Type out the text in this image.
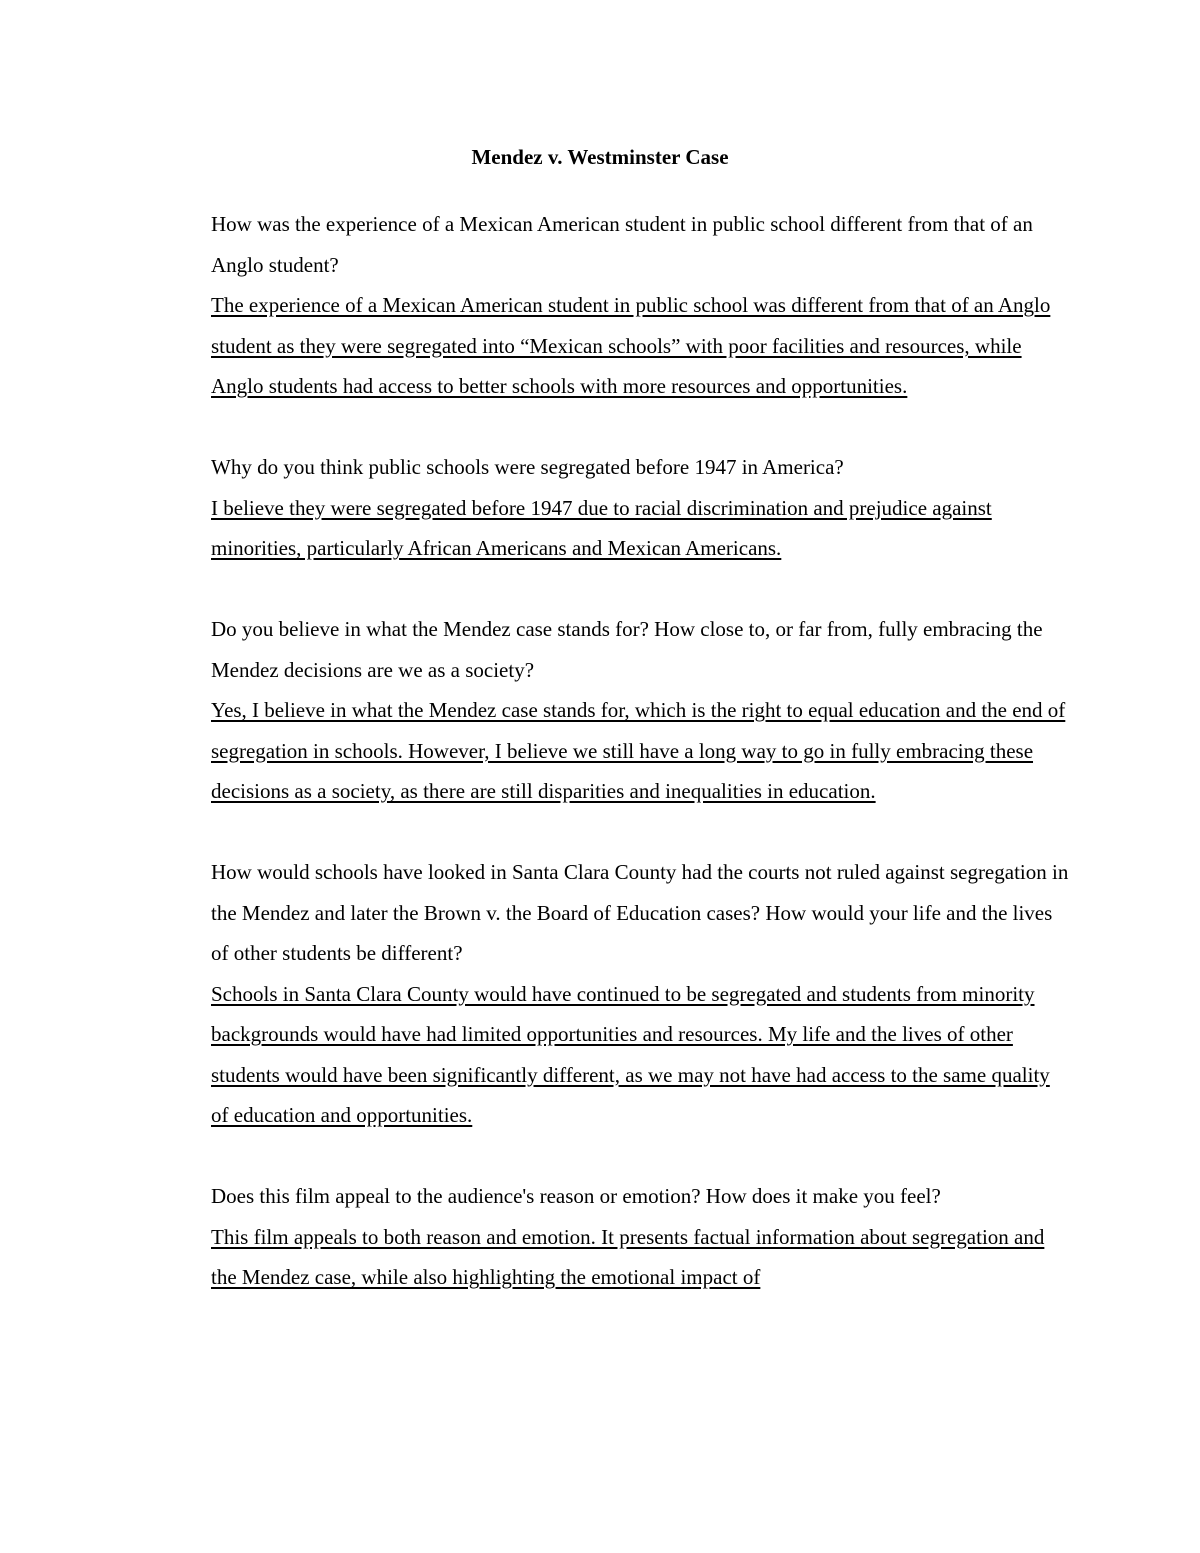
Mendez v. Westminster Case

How was the experience of a Mexican American student in public school different from that of an Anglo student?

The experience of a Mexican American student in public school was different from that of an Anglo student as they were segregated into “Mexican schools” with poor facilities and resources, while Anglo students had access to better schools with more resources and opportunities.

Why do you think public schools were segregated before 1947 in America?

I believe they were segregated before 1947 due to racial discrimination and prejudice against minorities, particularly African Americans and Mexican Americans.

Do you believe in what the Mendez case stands for? How close to, or far from, fully embracing the Mendez decisions are we as a society?

Yes, I believe in what the Mendez case stands for, which is the right to equal education and the end of segregation in schools. However, I believe we still have a long way to go in fully embracing these decisions as a society, as there are still disparities and inequalities in education.

How would schools have looked in Santa Clara County had the courts not ruled against segregation in the Mendez and later the Brown v. the Board of Education cases? How would your life and the lives of other students be different?

Schools in Santa Clara County would have continued to be segregated and students from minority backgrounds would have had limited opportunities and resources. My life and the lives of other students would have been significantly different, as we may not have had access to the same quality of education and opportunities.

Does this film appeal to the audience's reason or emotion? How does it make you feel?

This film appeals to both reason and emotion. It presents factual information about segregation and the Mendez case, while also highlighting the emotional impact of
